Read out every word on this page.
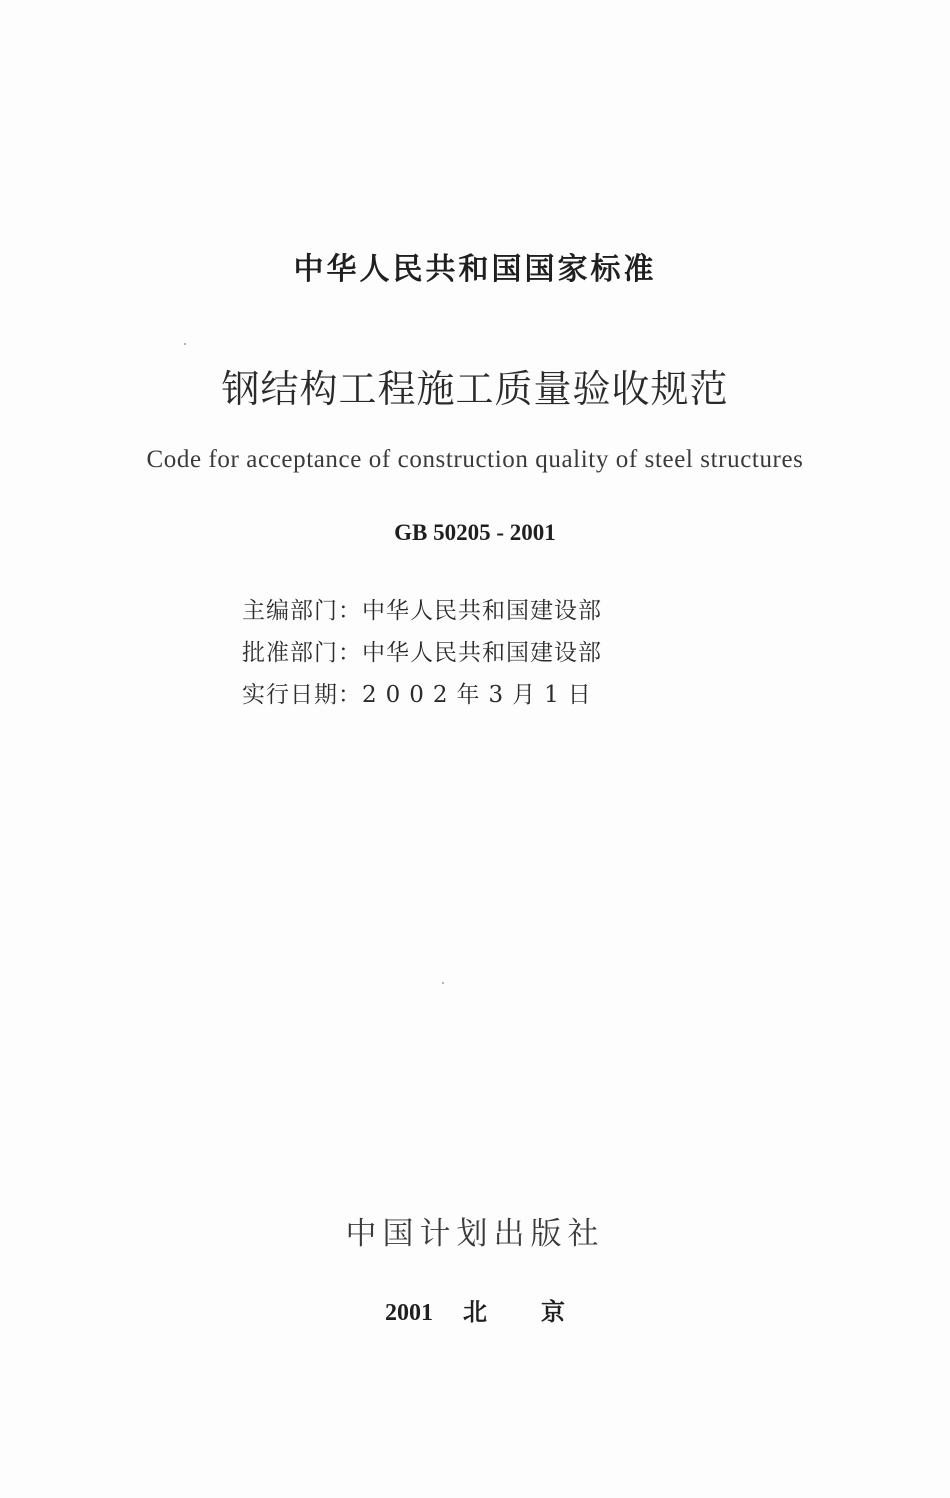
中华人民共和国国家标准
钢结构工程施工质量验收规范
Code for acceptance of construction quality of steel structures
GB 50205 - 2001
主编部门：中华人民共和国建设部
批准部门：中华人民共和国建设部
实行日期：2002年3月1日
中国计划出版社
2001 北京
